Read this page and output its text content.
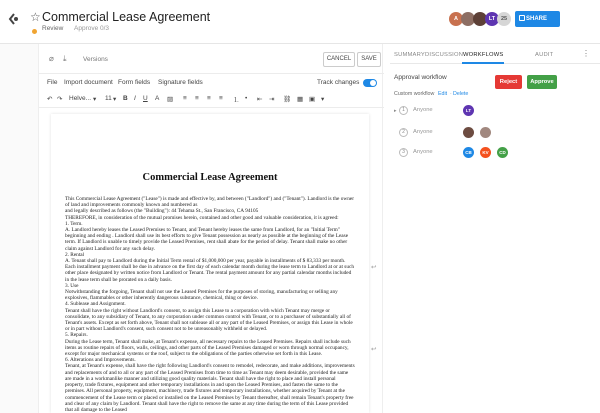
☆ Commercial Lease Agreement
Review Approve 0/3
A	LT	25	SHARE
⌀ ⤓	Versions	CANCEL	SAVE
File Import document Form fields Signature fields	Track changes
↶ ↷ Helve... ▾ 11 ▾ B I U A ▨ ≡ ≡ ≡ ≡ ⒈ • ⇤ ⇥ ⛓ ▦ ▣ ▾
Commercial Lease Agreement

This Commercial Lease Agreement ("Lease") is made and effective by, and between ("Landlord") and ("Tenant"). Landlord is the owner of land and improvements commonly known and numbered as

and legally described as follows (the "Building"): 44 Tehama St., San Francisco, CA 94105

THEREFORE, in consideration of the mutual promises herein, contained and other good and valuable consideration, it is agreed:

1. Term.

A. Landlord hereby leases the Leased Premises to Tenant, and Tenant hereby leases the same from Landlord, for an "Initial Term" beginning and ending . Landlord shall use its best efforts to give Tenant possession as nearly as possible at the beginning of the Lease term. If Landlord is unable to timely provide the Leased Premises, rent shall abate for the period of delay. Tenant shall make no other claim against Landlord for any such delay.

2. Rental

A. Tenant shall pay to Landlord during the Initial Term rental of $1,000,000 per year, payable in installments of $ 83,333 per month. Each installment payment shall be due in advance on the first day of each calendar month during the lease term to Landlord at or at such other place designated by written notice from Landlord or Tenant. The rental payment amount for any partial calendar months included in the lease term shall be prorated on a daily basis.

3. Use

Notwithstanding the forgoing, Tenant shall not use the Leased Premises for the purposes of storing, manufacturing or selling any explosives, flammables or other inherently dangerous substance, chemical, thing or device.

4. Sublease and Assignment.

Tenant shall have the right without Landlord's consent, to assign this Lease to a corporation with which Tenant may merge or consolidate, to any subsidiary of Tenant, to any corporation under common control with Tenant, or to a purchaser of substantially all of Tenant's assets. Except as set forth above, Tenant shall not sublease all or any part of the Leased Premises, or assign this Lease in whole or in part without Landlord's consent, such consent not to be unreasonably withheld or delayed.

5. Repairs.

During the Lease term, Tenant shall make, at Tenant's expense, all necessary repairs to the Leased Premises. Repairs shall include such items as routine repairs of floors, walls, ceilings, and other parts of the Leased Premises damaged or worn through normal occupancy, except for major mechanical systems or the roof, subject to the obligations of the parties otherwise set forth in this Lease.

6. Alterations and Improvements.

Tenant, at Tenant's expense, shall have the right following Landlord's consent to remodel, redecorate, and make additions, improvements and replacements of and to all or any part of the Leased Premises from time to time as Tenant may deem desirable, provided the same are made in a workmanlike manner and utilizing good quality materials. Tenant shall have the right to place and install personal property, trade fixtures, equipment and other temporary installations in and upon the Leased Premises, and fasten the same to the premises. All personal property, equipment, machinery, trade fixtures and temporary installations, whether acquired by Tenant at the commencement of the Lease term or placed or installed on the Leased Premises by Tenant thereafter, shall remain Tenant's property free and clear of any claim by Landlord. Tenant shall have the right to remove the same at any time during the term of this Lease provided that all damage to the Leased

↩
↩
SUMMARY DISCUSSION WORKFLOWS	AUDIT	⋮
Approval workflow
Reject	Approve
Custom workflow Edit · Delete
▸	1	Anyone	LT
2	Anyone
3	Anyone	CB	KV	CD
